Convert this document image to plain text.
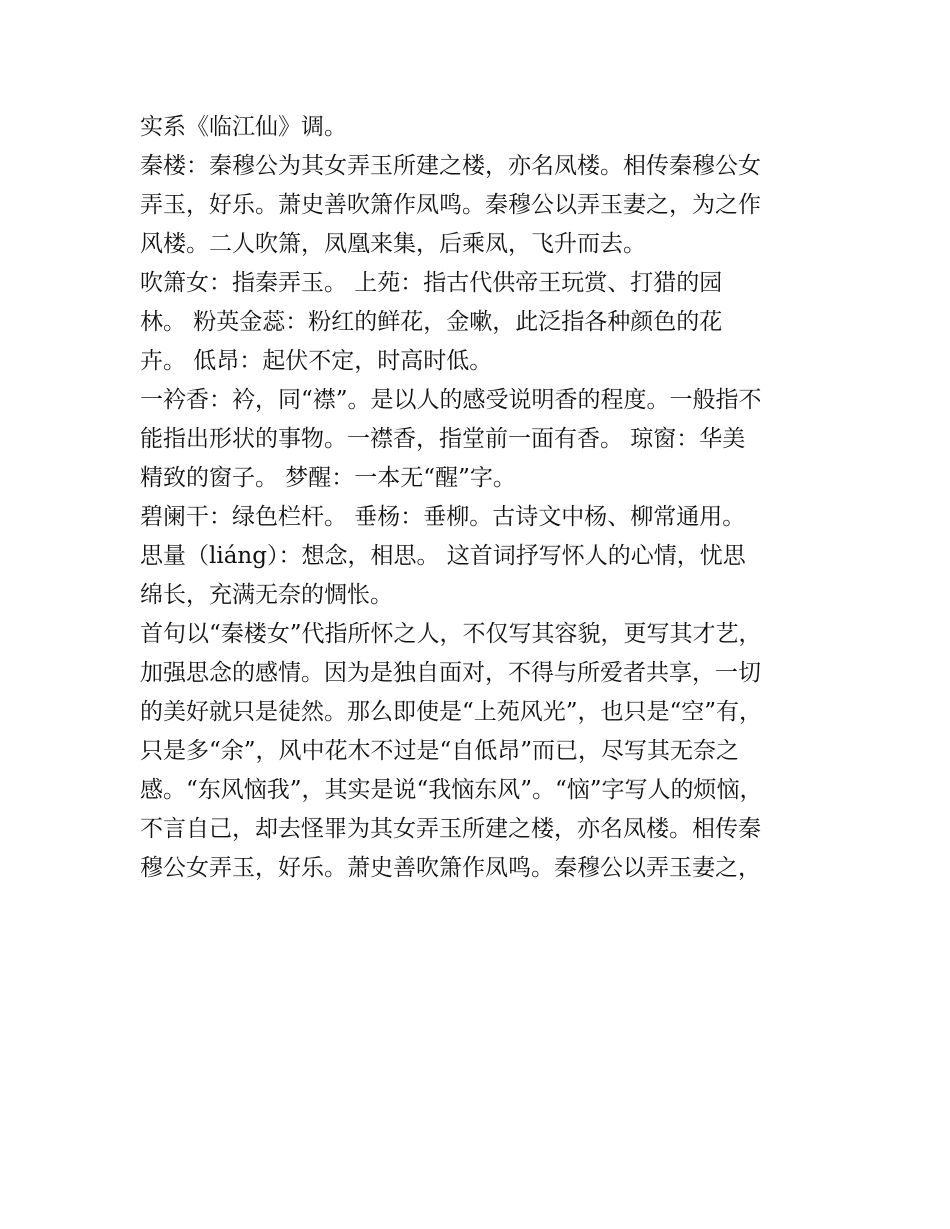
实系《临江仙》调。

秦楼：秦穆公为其女弄玉所建之楼，亦名凤楼。相传秦穆公女
弄玉，好乐。萧史善吹箫作凤鸣。秦穆公以弄玉妻之，为之作
风楼。二人吹箫，凤凰来集，后乘凤，飞升而去。

吹箫女：指秦弄玉。 上苑：指古代供帝王玩赏、打猎的园
林。 粉英金蕊：粉红的鲜花，金嗽，此泛指各种颜色的花
卉。 低昂：起伏不定，时高时低。

一衿香：衿，同“襟”。是以人的感受说明香的程度。一般指不
能指出形状的事物。一襟香，指堂前一面有香。 琼窗：华美
精致的窗子。 梦醒：一本无“醒”字。

碧阑干：绿色栏杆。 垂杨：垂柳。古诗文中杨、柳常通用。

思量（liáng）：想念，相思。 这首词抒写怀人的心情，忧思
绵长，充满无奈的惆怅。

首句以“秦楼女”代指所怀之人，不仅写其容貌，更写其才艺，
加强思念的感情。因为是独自面对，不得与所爱者共享，一切
的美好就只是徒然。那么即使是“上苑风光”，也只是“空”有，
只是多“余”，风中花木不过是“自低昂”而已，尽写其无奈之
感。“东风恼我”，其实是说“我恼东风”。“恼”字写人的烦恼，
不言自己，却去怪罪为其女弄玉所建之楼，亦名凤楼。相传秦
穆公女弄玉，好乐。萧史善吹箫作凤鸣。秦穆公以弄玉妻之，
